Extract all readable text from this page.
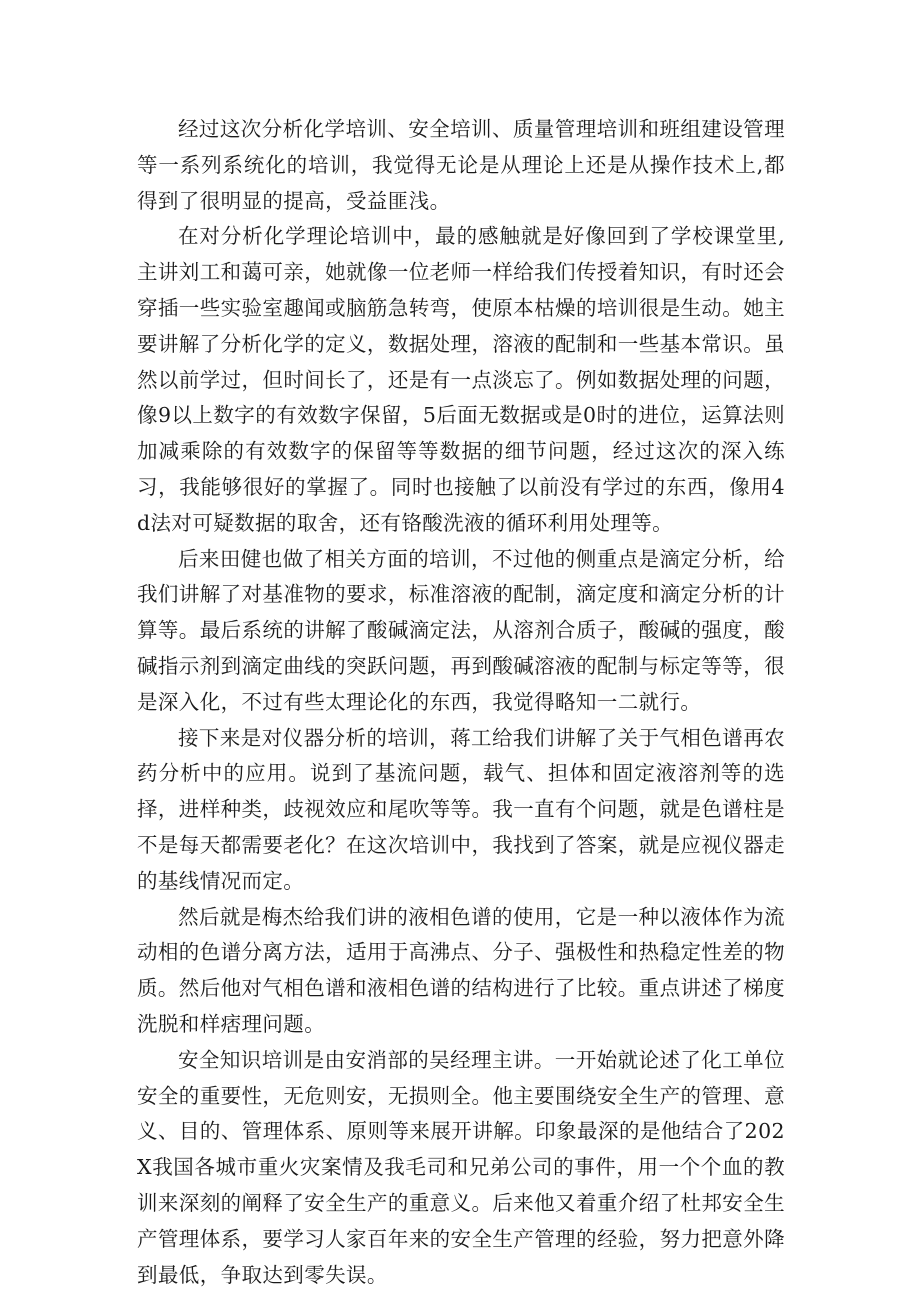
经过这次分析化学培训、安全培训、质量管理培训和班组建设管理等一系列系统化的培训，我觉得无论是从理论上还是从操作技术上,都得到了很明显的提高，受益匪浅。

在对分析化学理论培训中，最的感触就是好像回到了学校课堂里,主讲刘工和蔼可亲，她就像一位老师一样给我们传授着知识，有时还会穿插一些实验室趣闻或脑筋急转弯，使原本枯燥的培训很是生动。她主要讲解了分析化学的定义，数据处理，溶液的配制和一些基本常识。虽然以前学过，但时间长了，还是有一点淡忘了。例如数据处理的问题，像9以上数字的有效数字保留，5后面无数据或是0时的进位，运算法则加减乘除的有效数字的保留等等数据的细节问题，经过这次的深入练习，我能够很好的掌握了。同时也接触了以前没有学过的东西，像用4d法对可疑数据的取舍，还有铬酸洗液的循环利用处理等。

后来田健也做了相关方面的培训，不过他的侧重点是滴定分析，给我们讲解了对基准物的要求，标准溶液的配制，滴定度和滴定分析的计算等。最后系统的讲解了酸碱滴定法，从溶剂合质子，酸碱的强度，酸碱指示剂到滴定曲线的突跃问题，再到酸碱溶液的配制与标定等等，很是深入化，不过有些太理论化的东西，我觉得略知一二就行。

接下来是对仪器分析的培训，蒋工给我们讲解了关于气相色谱再农药分析中的应用。说到了基流问题，载气、担体和固定液溶剂等的选择，进样种类，歧视效应和尾吹等等。我一直有个问题，就是色谱柱是不是每天都需要老化？在这次培训中，我找到了答案，就是应视仪器走的基线情况而定。

然后就是梅杰给我们讲的液相色谱的使用，它是一种以液体作为流动相的色谱分离方法，适用于高沸点、分子、强极性和热稳定性差的物质。然后他对气相色谱和液相色谱的结构进行了比较。重点讲述了梯度洗脱和样痞理问题。

安全知识培训是由安消部的吴经理主讲。一开始就论述了化工单位安全的重要性，无危则安，无损则全。他主要围绕安全生产的管理、意义、目的、管理体系、原则等来展开讲解。印象最深的是他结合了202X我国各城市重火灾案情及我毛司和兄弟公司的事件，用一个个血的教训来深刻的阐释了安全生产的重意义。后来他又着重介绍了杜邦安全生产管理体系，要学习人家百年来的安全生产管理的经验，努力把意外降到最低，争取达到零失误。
